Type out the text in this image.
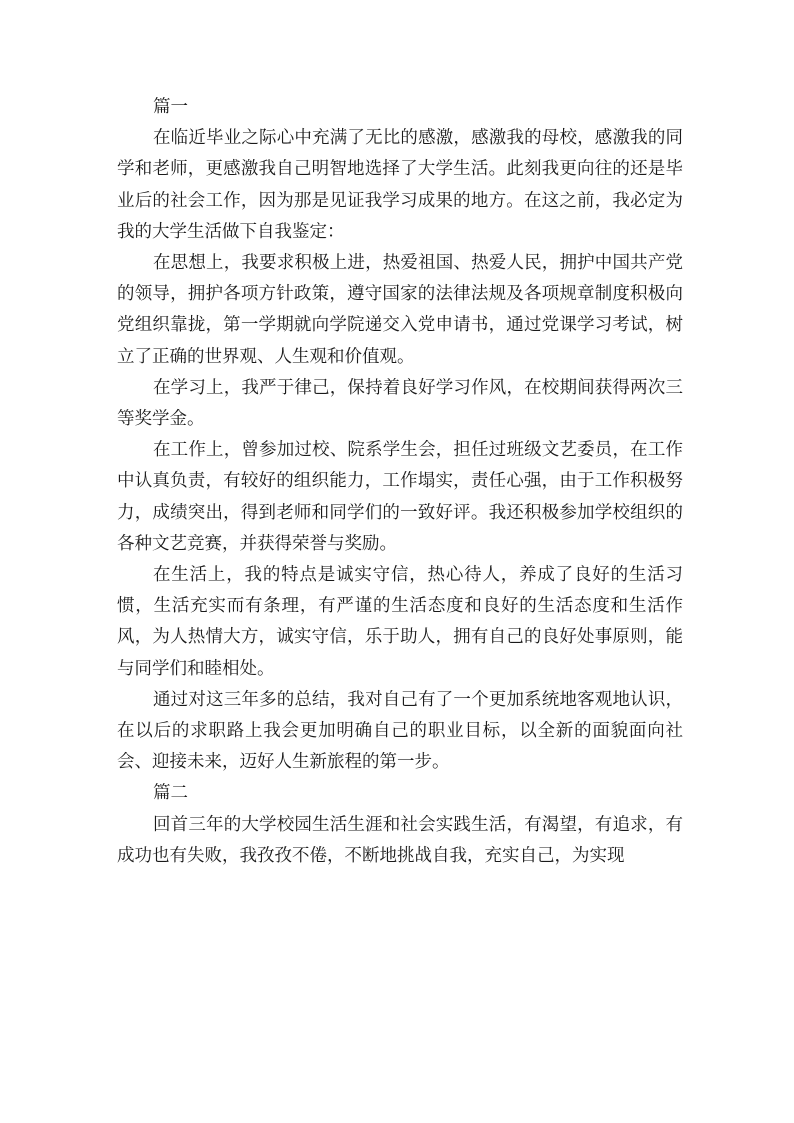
篇一

在临近毕业之际心中充满了无比的感激，感激我的母校，感激我的同学和老师，更感激我自己明智地选择了大学生活。此刻我更向往的还是毕业后的社会工作，因为那是见证我学习成果的地方。在这之前，我必定为我的大学生活做下自我鉴定：

在思想上，我要求积极上进，热爱祖国、热爱人民，拥护中国共产党的领导，拥护各项方针政策，遵守国家的法律法规及各项规章制度积极向党组织靠拢，第一学期就向学院递交入党申请书，通过党课学习考试，树立了正确的世界观、人生观和价值观。

在学习上，我严于律己，保持着良好学习作风，在校期间获得两次三等奖学金。

在工作上，曾参加过校、院系学生会，担任过班级文艺委员，在工作中认真负责，有较好的组织能力，工作塌实，责任心强，由于工作积极努力，成绩突出，得到老师和同学们的一致好评。我还积极参加学校组织的各种文艺竞赛，并获得荣誉与奖励。

在生活上，我的特点是诚实守信，热心待人，养成了良好的生活习惯，生活充实而有条理，有严谨的生活态度和良好的生活态度和生活作风，为人热情大方，诚实守信，乐于助人，拥有自己的良好处事原则，能与同学们和睦相处。

通过对这三年多的总结，我对自己有了一个更加系统地客观地认识，在以后的求职路上我会更加明确自己的职业目标，以全新的面貌面向社会、迎接未来，迈好人生新旅程的第一步。

篇二

回首三年的大学校园生活生涯和社会实践生活，有渴望，有追求，有成功也有失败，我孜孜不倦，不断地挑战自我，充实自己，为实现
